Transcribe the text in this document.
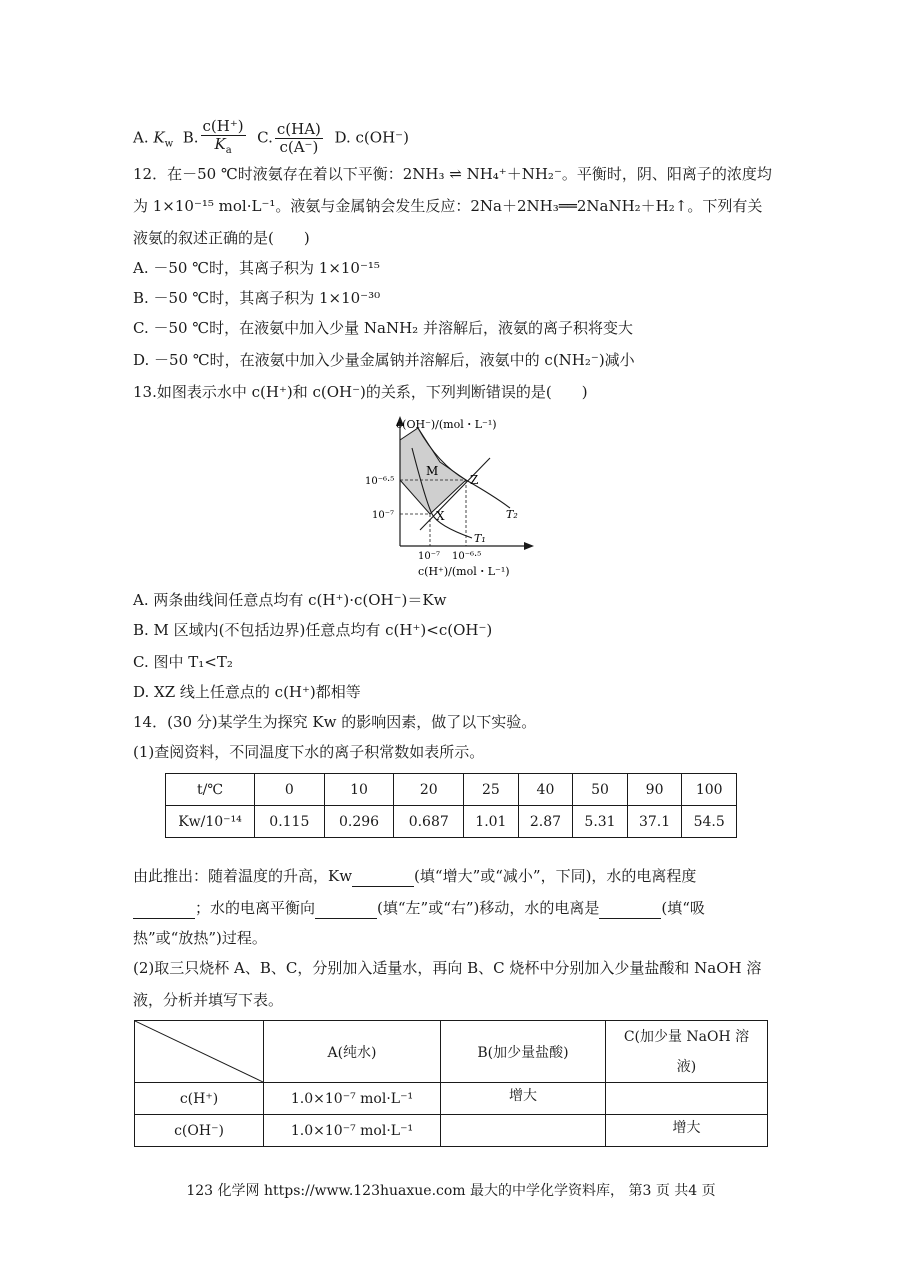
A. $K_w$ B. $\frac{c(H^+)}{K_a} C$. $\frac{c(HA)}{c(A^-)} D$. c(OH⁻)
12．在－50 ℃时液氨存在着以下平衡：2NH₃ ⇌ NH₄⁺＋NH₂⁻。平衡时，阴、阳离子的浓度均
为 1×10⁻¹⁵ mol·L⁻¹。液氨与金属钠会发生反应：2Na＋2NH₃══2NaNH₂＋H₂↑。下列有关
液氨的叙述正确的是(　　)
A. －50 ℃时，其离子积为 1×10⁻¹⁵
B. －50 ℃时，其离子积为 1×10⁻³⁰
C. －50 ℃时，在液氨中加入少量 NaNH₂ 并溶解后，液氨的离子积将变大
D. －50 ℃时，在液氨中加入少量金属钠并溶解后，液氨中的 c(NH₂⁻)减小
13.如图表示水中 c(H⁺)和 c(OH⁻)的关系，下列判断错误的是(　　)
c(OH⁻)/(mol・L⁻¹)
c(H⁺)/(mol・L⁻¹)
10⁻⁶·⁵
10⁻⁷
10⁻⁷ 10⁻⁶·⁵
M
Z
X
T₁
T₂
A. 两条曲线间任意点均有 c(H⁺)·c(OH⁻)＝Kw
B. M 区域内(不包括边界)任意点均有 c(H⁺)<c(OH⁻)
C. 图中 T₁<T₂
D. XZ 线上任意点的 c(H⁺)都相等
14．(30 分)某学生为探究 Kw 的影响因素，做了以下实验。
(1)查阅资料，不同温度下水的离子积常数如表所示。
t/℃	0	10	20	25	40	50	90	100
Kw/10⁻¹⁴	0.115	0.296	0.687	1.01	2.87	5.31	37.1	54.5
由此推出：随着温度的升高，Kw	(填“增大”或“减小”，下同)，水的电离程度
；水的电离平衡向	(填“左”或“右”)移动，水的电离是	(填“吸
热”或“放热”)过程。
(2)取三只烧杯 A、B、C，分别加入适量水，再向 B、C 烧杯中分别加入少量盐酸和 NaOH 溶
液，分析并填写下表。
	A(纯水)	B(加少量盐酸)	C(加少量 NaOH 溶
液)
c(H⁺)	1.0×10⁻⁷ mol·L⁻¹	增大	
c(OH⁻)	1.0×10⁻⁷ mol·L⁻¹		增大
123 化学网 https://www.123huaxue.com 最大的中学化学资料库， 第3 页 共4 页
